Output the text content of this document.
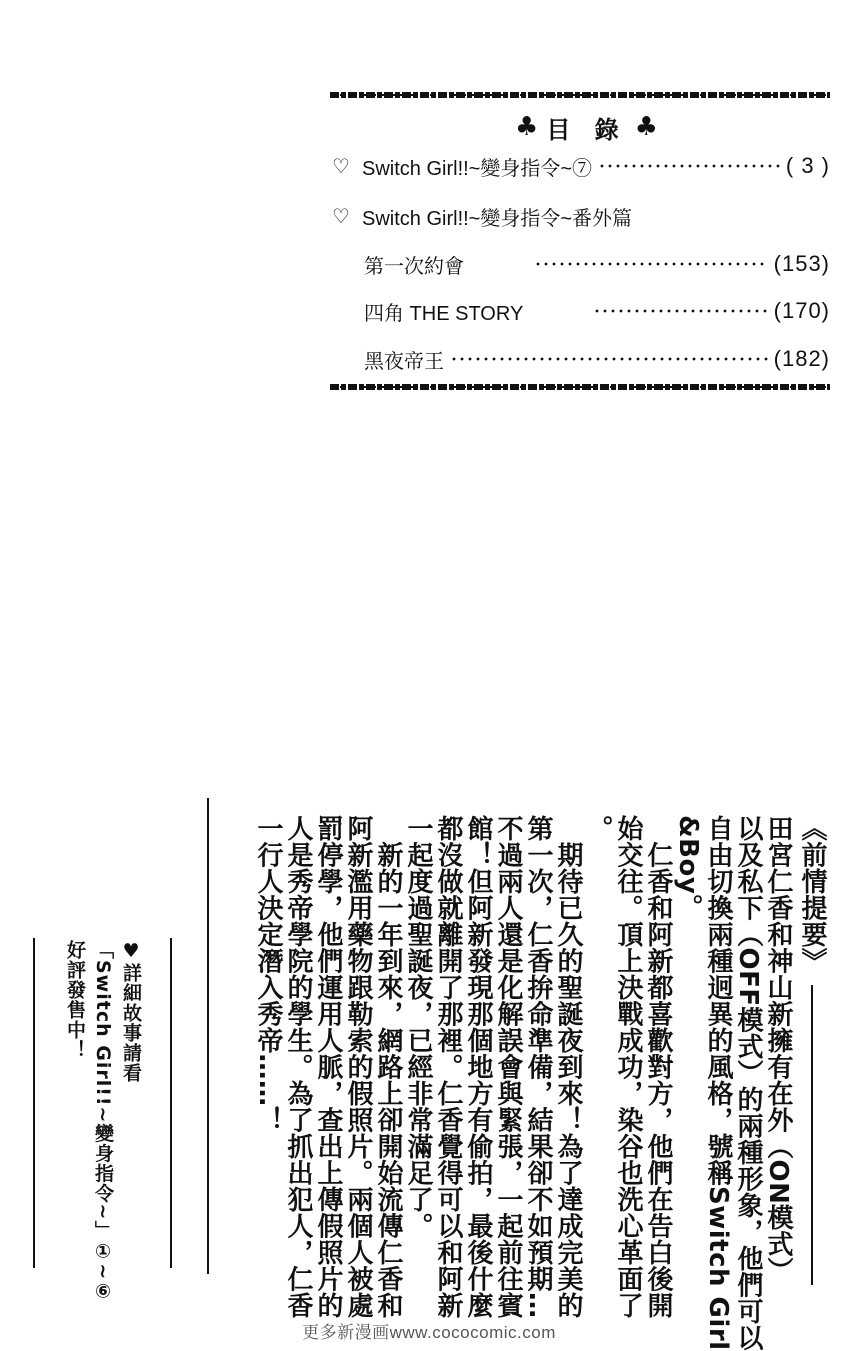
♣ 目 錄 ♣
♡ Switch Girl!!~變身指令~⑦	( 3 )
♡ Switch Girl!!~變身指令~番外篇
第一次約會	(153)
四角 THE STORY	(170)
黑夜帝王	(182)
《前情提要》
田宮仁香和神山新擁有在外（ON模式）
以及私下（OFF模式）的兩種形象，他們可以
自由切換兩種迥異的風格，號稱Switch Girl
&Boy。
　仁香和阿新都喜歡對方，他們在告白後開
始交往。頂上決戰成功，染谷也洗心革面了
。
　期待已久的聖誕夜到來！為了達成完美的
第一次，仁香拚命準備，結果卻不如預期…
不過兩人還是化解誤會與緊張，一起前往賓
館！但阿新發現那個地方有偷拍，最後什麼
都沒做就離開了那裡。仁香覺得可以和阿新
一起度過聖誕夜，已經非常滿足了。
　新的一年到來，網路上卻開始流傳仁香和
阿新濫用藥物跟勒索的假照片。兩個人被處
罰停學，他們運用人脈，查出上傳假照片的
人是秀帝學院的學生。為了抓出犯人，仁香
一行人決定潛入秀帝……！
♥詳細故事請看
「Switch Girl!!~變身指令~」①~⑥
好評發售中！
更多新漫画www.cococomic.com
